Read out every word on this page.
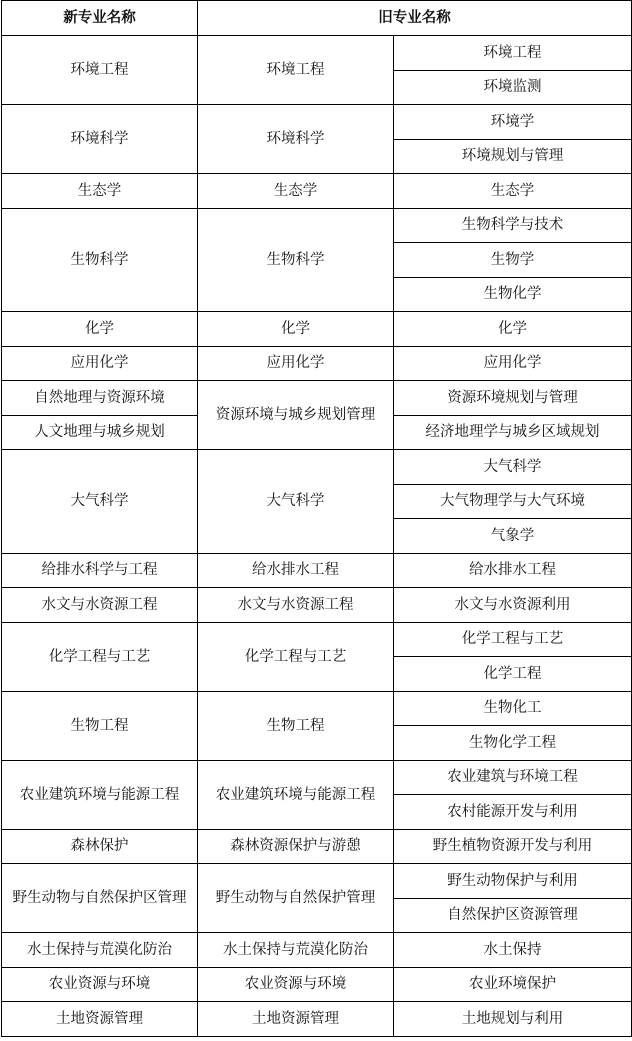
新专业名称	旧专业名称	
环境工程	环境工程	环境工程
		环境监测
环境科学	环境科学	环境学
		环境规划与管理
生态学	生态学	生态学
生物科学	生物科学	生物科学与技术
		生物学
		生物化学
化学	化学	化学
应用化学	应用化学	应用化学
自然地理与资源环境	资源环境与城乡规划管理	资源环境规划与管理
人文地理与城乡规划		经济地理学与城乡区域规划
大气科学	大气科学	大气科学
		大气物理学与大气环境
		气象学
给排水科学与工程	给水排水工程	给水排水工程
水文与水资源工程	水文与水资源工程	水文与水资源利用
化学工程与工艺	化学工程与工艺	化学工程与工艺
		化学工程
生物工程	生物工程	生物化工
		生物化学工程
农业建筑环境与能源工程	农业建筑环境与能源工程	农业建筑与环境工程
		农村能源开发与利用
森林保护	森林资源保护与游憩	野生植物资源开发与利用
野生动物与自然保护区管理	野生动物与自然保护管理	野生动物保护与利用
		自然保护区资源管理
水土保持与荒漠化防治	水土保持与荒漠化防治	水土保持
农业资源与环境	农业资源与环境	农业环境保护
土地资源管理	土地资源管理	土地规划与利用
